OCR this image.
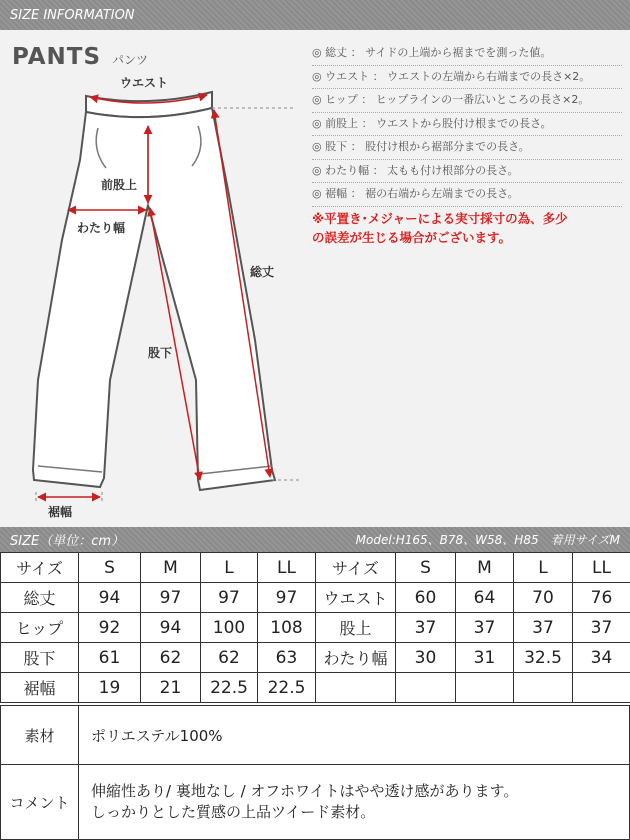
SIZE INFORMATION
PANTS パンツ
ウエスト
前股上
わたり幅
総丈
股下
裾幅
◎ 総丈 ： サイドの上端から裾までを測った値。
◎ ウエスト ： ウエストの左端から右端までの長さ×2。
◎ ヒップ ： ヒップラインの一番広いところの長さ×2。
◎ 前股上 ： ウエストから股付け根までの長さ。
◎ 股下 ： 股付け根から裾部分までの長さ。
◎ わたり幅 ： 太もも付け根部分の長さ。
◎ 裾幅 ： 裾の右端から左端までの長さ。
※平置き･メジャーによる実寸採寸の為、多少
の誤差が生じる場合がございます。
SIZE（単位：cm）	Model:H165、B78、W58、H85　着用サイズM
サイズ	S	M	L	LL	サイズ	S	M	L	LL
総丈	94	97	97	97	ウエスト	60	64	70	76
ヒップ	92	94	100	108	股上	37	37	37	37
股下	61	62	62	63	わたり幅	30	31	32.5	34
裾幅	19	21	22.5	22.5					
素材	ポリエステル100%
コメント
伸縮性あり/ 裏地なし / オフホワイトはやや透け感があります。
しっかりとした質感の上品ツイード素材。
